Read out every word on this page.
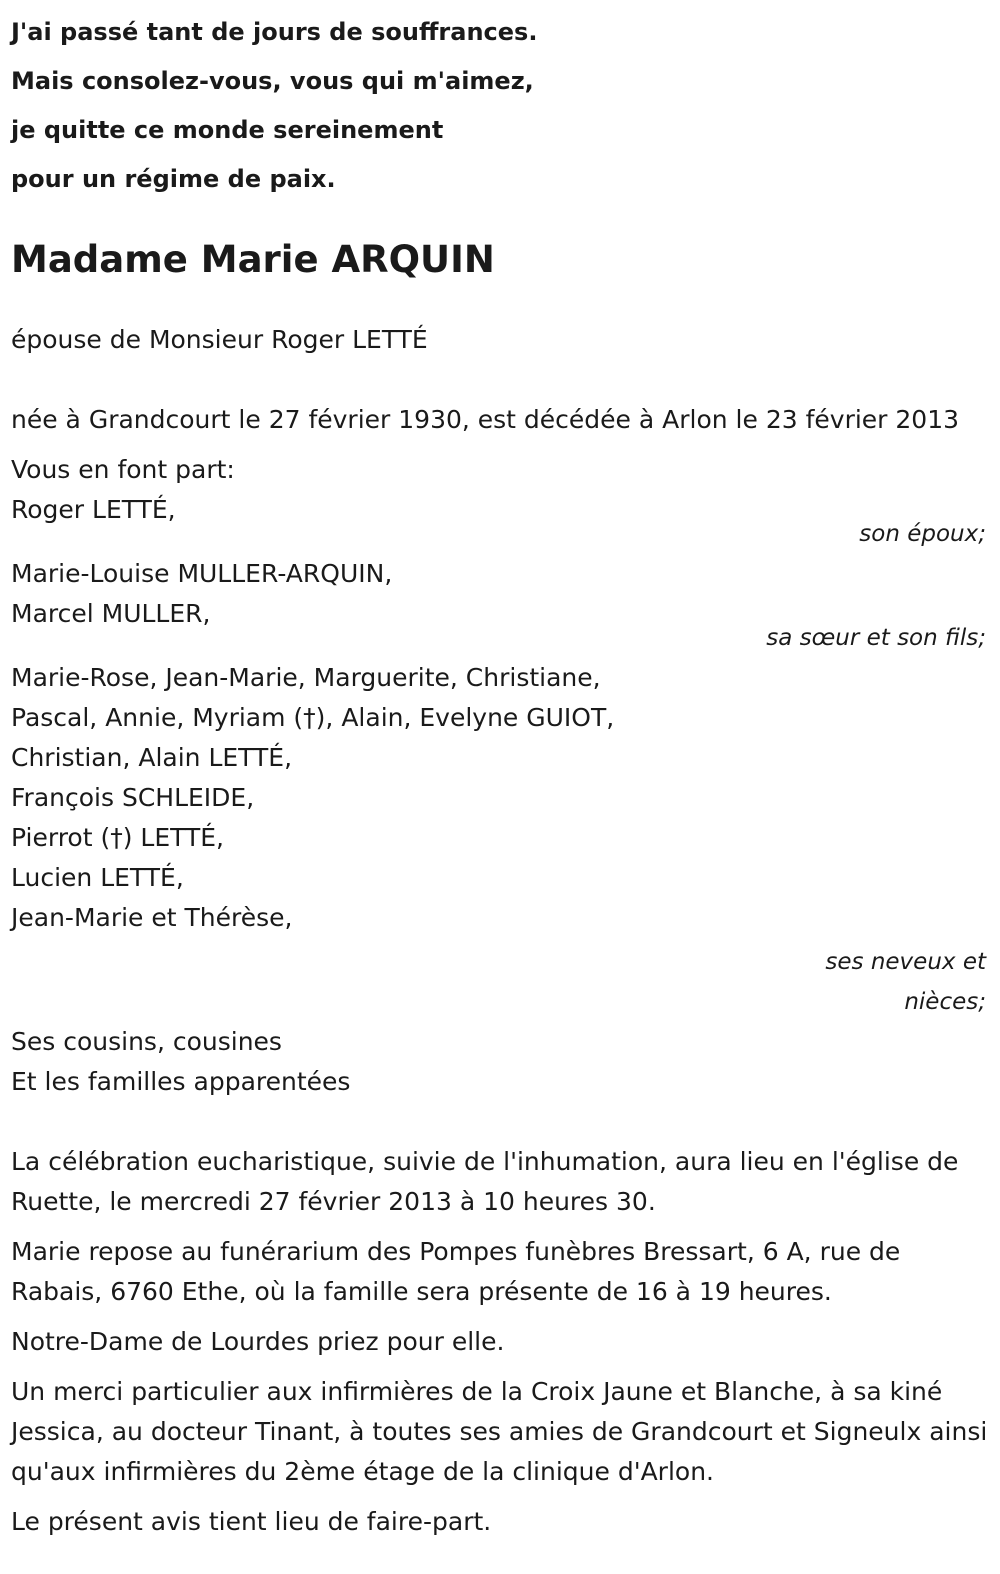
J'ai passé tant de jours de souffrances.
Mais consolez-vous, vous qui m'aimez,
je quitte ce monde sereinement
pour un régime de paix.
Madame Marie ARQUIN
épouse de Monsieur Roger LETTÉ
née à Grandcourt le 27 février 1930, est décédée à Arlon le 23 février 2013
Vous en font part:
Roger LETTÉ,
son époux;
Marie-Louise MULLER-ARQUIN,
Marcel MULLER,
sa sœur et son fils;
Marie-Rose, Jean-Marie, Marguerite, Christiane,
Pascal, Annie, Myriam (†), Alain, Evelyne GUIOT,
Christian, Alain LETTÉ,
François SCHLEIDE,
Pierrot (†) LETTÉ,
Lucien LETTÉ,
Jean-Marie et Thérèse,
ses neveux et nièces;
Ses cousins, cousines
Et les familles apparentées
La célébration eucharistique, suivie de l'inhumation, aura lieu en l'église de Ruette, le mercredi 27 février 2013 à 10 heures 30.
Marie repose au funérarium des Pompes funèbres Bressart, 6 A, rue de Rabais, 6760 Ethe, où la famille sera présente de 16 à 19 heures.
Notre-Dame de Lourdes priez pour elle.
Un merci particulier aux infirmières de la Croix Jaune et Blanche, à sa kiné Jessica, au docteur Tinant, à toutes ses amies de Grandcourt et Signeulx ainsi qu'aux infirmières du 2ème étage de la clinique d'Arlon.
Le présent avis tient lieu de faire-part.
